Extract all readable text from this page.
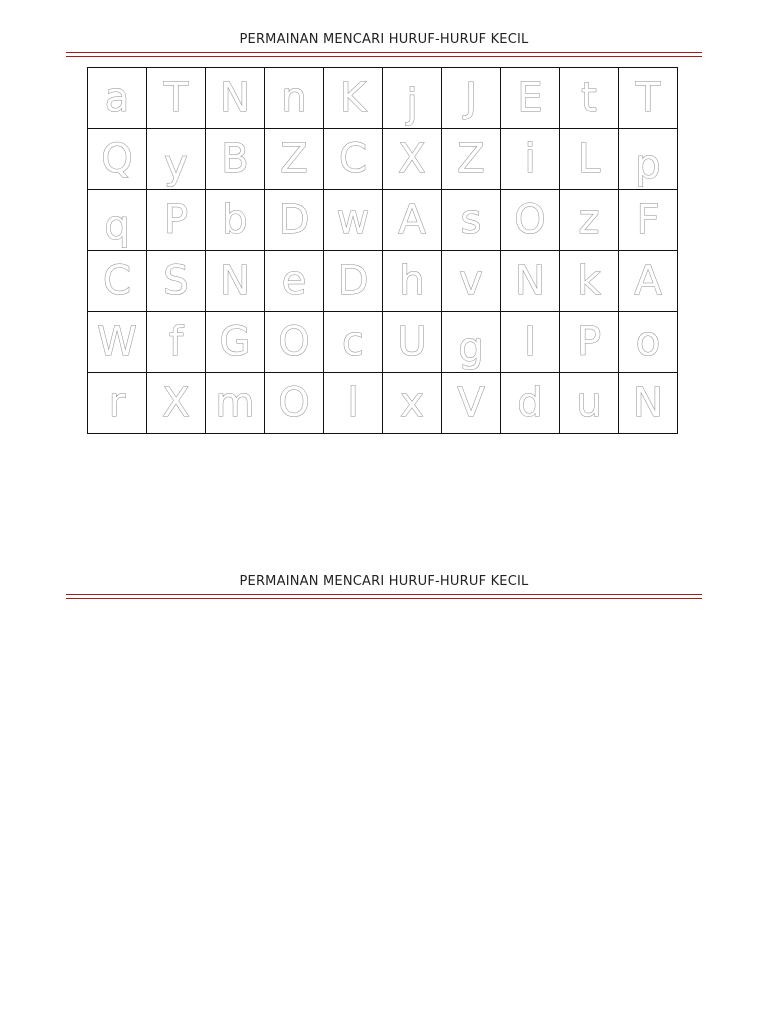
PERMAINAN MENCARI HURUF-HURUF KECIL
a	T	N	n	K	j	J	E	t	T
Q	y	B	Z	C	X	Z	i	L	p
q	P	b	D	w	A	s	O	z	F
C	S	N	e	D	h	v	N	k	A
W	f	G	O	c	U	g	I	P	o
r	X	m	O	l	x	V	d	u	N
PERMAINAN MENCARI HURUF-HURUF KECIL
